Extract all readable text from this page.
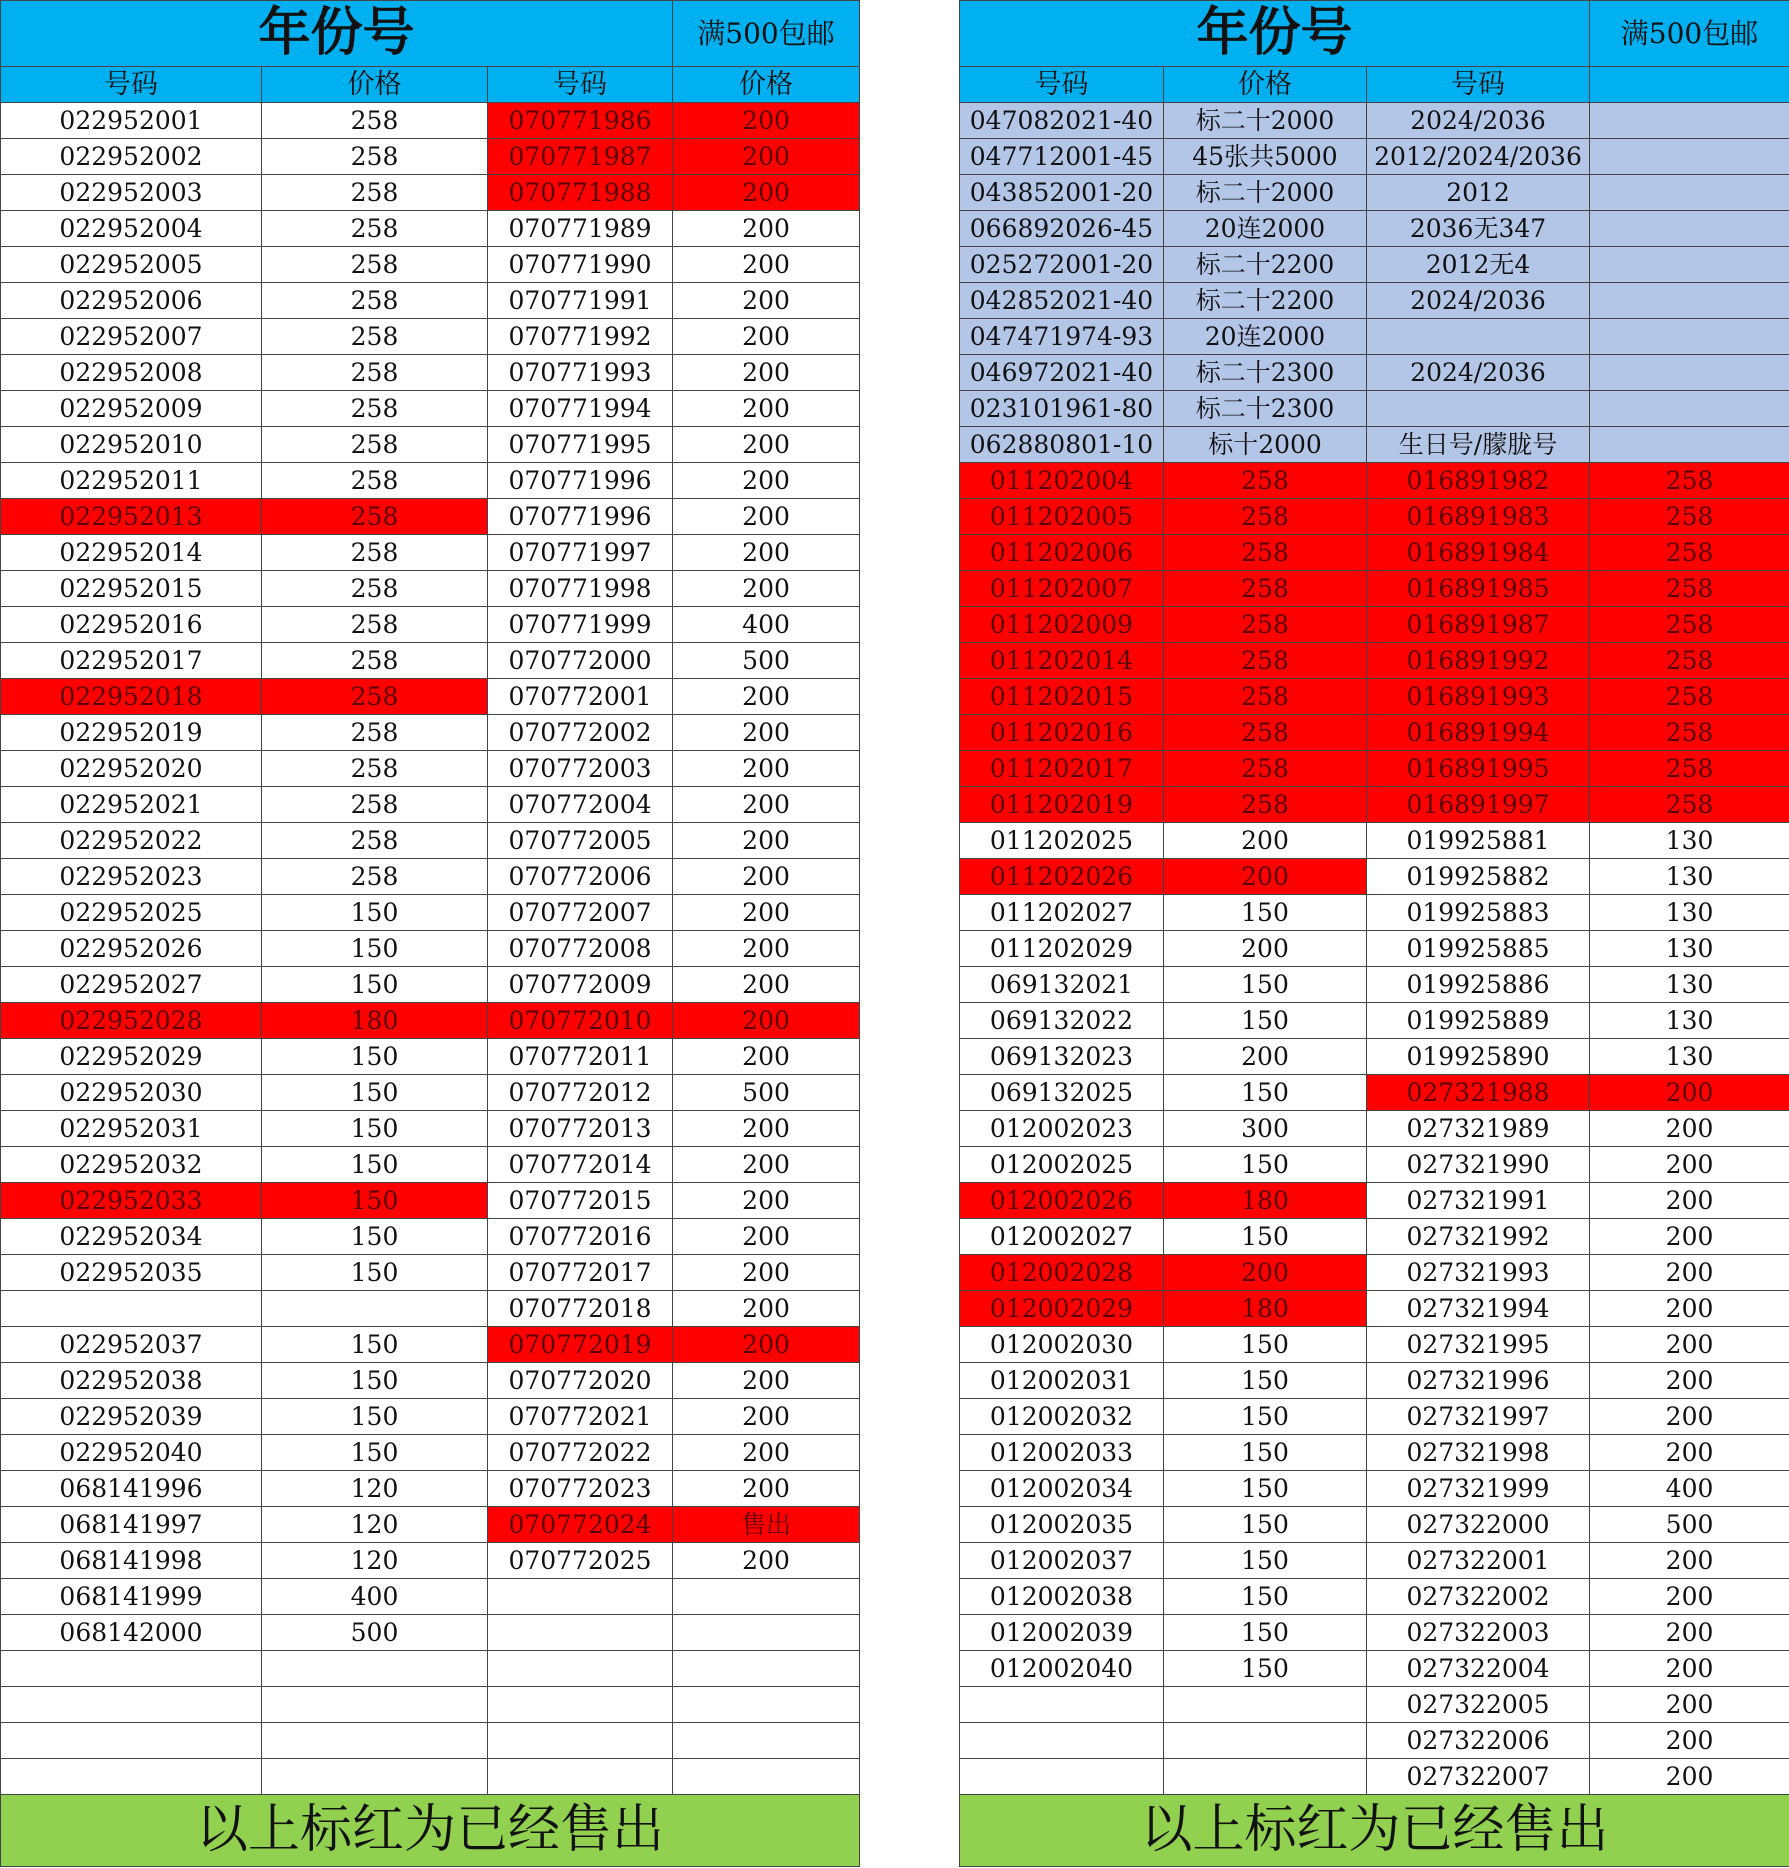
年份号			满500包邮
号码	价格	号码	价格
022952001	258	070771986	200
022952002	258	070771987	200
022952003	258	070771988	200
022952004	258	070771989	200
022952005	258	070771990	200
022952006	258	070771991	200
022952007	258	070771992	200
022952008	258	070771993	200
022952009	258	070771994	200
022952010	258	070771995	200
022952011	258	070771996	200
022952013	258	070771996	200
022952014	258	070771997	200
022952015	258	070771998	200
022952016	258	070771999	400
022952017	258	070772000	500
022952018	258	070772001	200
022952019	258	070772002	200
022952020	258	070772003	200
022952021	258	070772004	200
022952022	258	070772005	200
022952023	258	070772006	200
022952025	150	070772007	200
022952026	150	070772008	200
022952027	150	070772009	200
022952028	180	070772010	200
022952029	150	070772011	200
022952030	150	070772012	500
022952031	150	070772013	200
022952032	150	070772014	200
022952033	150	070772015	200
022952034	150	070772016	200
022952035	150	070772017	200
		070772018	200
022952037	150	070772019	200
022952038	150	070772020	200
022952039	150	070772021	200
022952040	150	070772022	200
068141996	120	070772023	200
068141997	120	070772024	售出
068141998	120	070772025	200
068141999	400		
068142000	500		

以上标红为已经售出			
年份号			满500包邮
号码	价格	号码	
047082021-40	标二十2000	2024/2036	
047712001-45	45张共5000	2012/2024/2036	
043852001-20	标二十2000	2012	
066892026-45	20连2000	2036无347	
025272001-20	标二十2200	2012无4	
042852021-40	标二十2200	2024/2036	
047471974-93	20连2000		
046972021-40	标二十2300	2024/2036	
023101961-80	标二十2300		
062880801-10	标十2000	生日号/朦胧号	
011202004	258	016891982	258
011202005	258	016891983	258
011202006	258	016891984	258
011202007	258	016891985	258
011202009	258	016891987	258
011202014	258	016891992	258
011202015	258	016891993	258
011202016	258	016891994	258
011202017	258	016891995	258
011202019	258	016891997	258
011202025	200	019925881	130
011202026	200	019925882	130
011202027	150	019925883	130
011202029	200	019925885	130
069132021	150	019925886	130
069132022	150	019925889	130
069132023	200	019925890	130
069132025	150	027321988	200
012002023	300	027321989	200
012002025	150	027321990	200
012002026	180	027321991	200
012002027	150	027321992	200
012002028	200	027321993	200
012002029	180	027321994	200
012002030	150	027321995	200
012002031	150	027321996	200
012002032	150	027321997	200
012002033	150	027321998	200
012002034	150	027321999	400
012002035	150	027322000	500
012002037	150	027322001	200
012002038	150	027322002	200
012002039	150	027322003	200
012002040	150	027322004	200
		027322005	200
		027322006	200
		027322007	200
以上标红为已经售出			
